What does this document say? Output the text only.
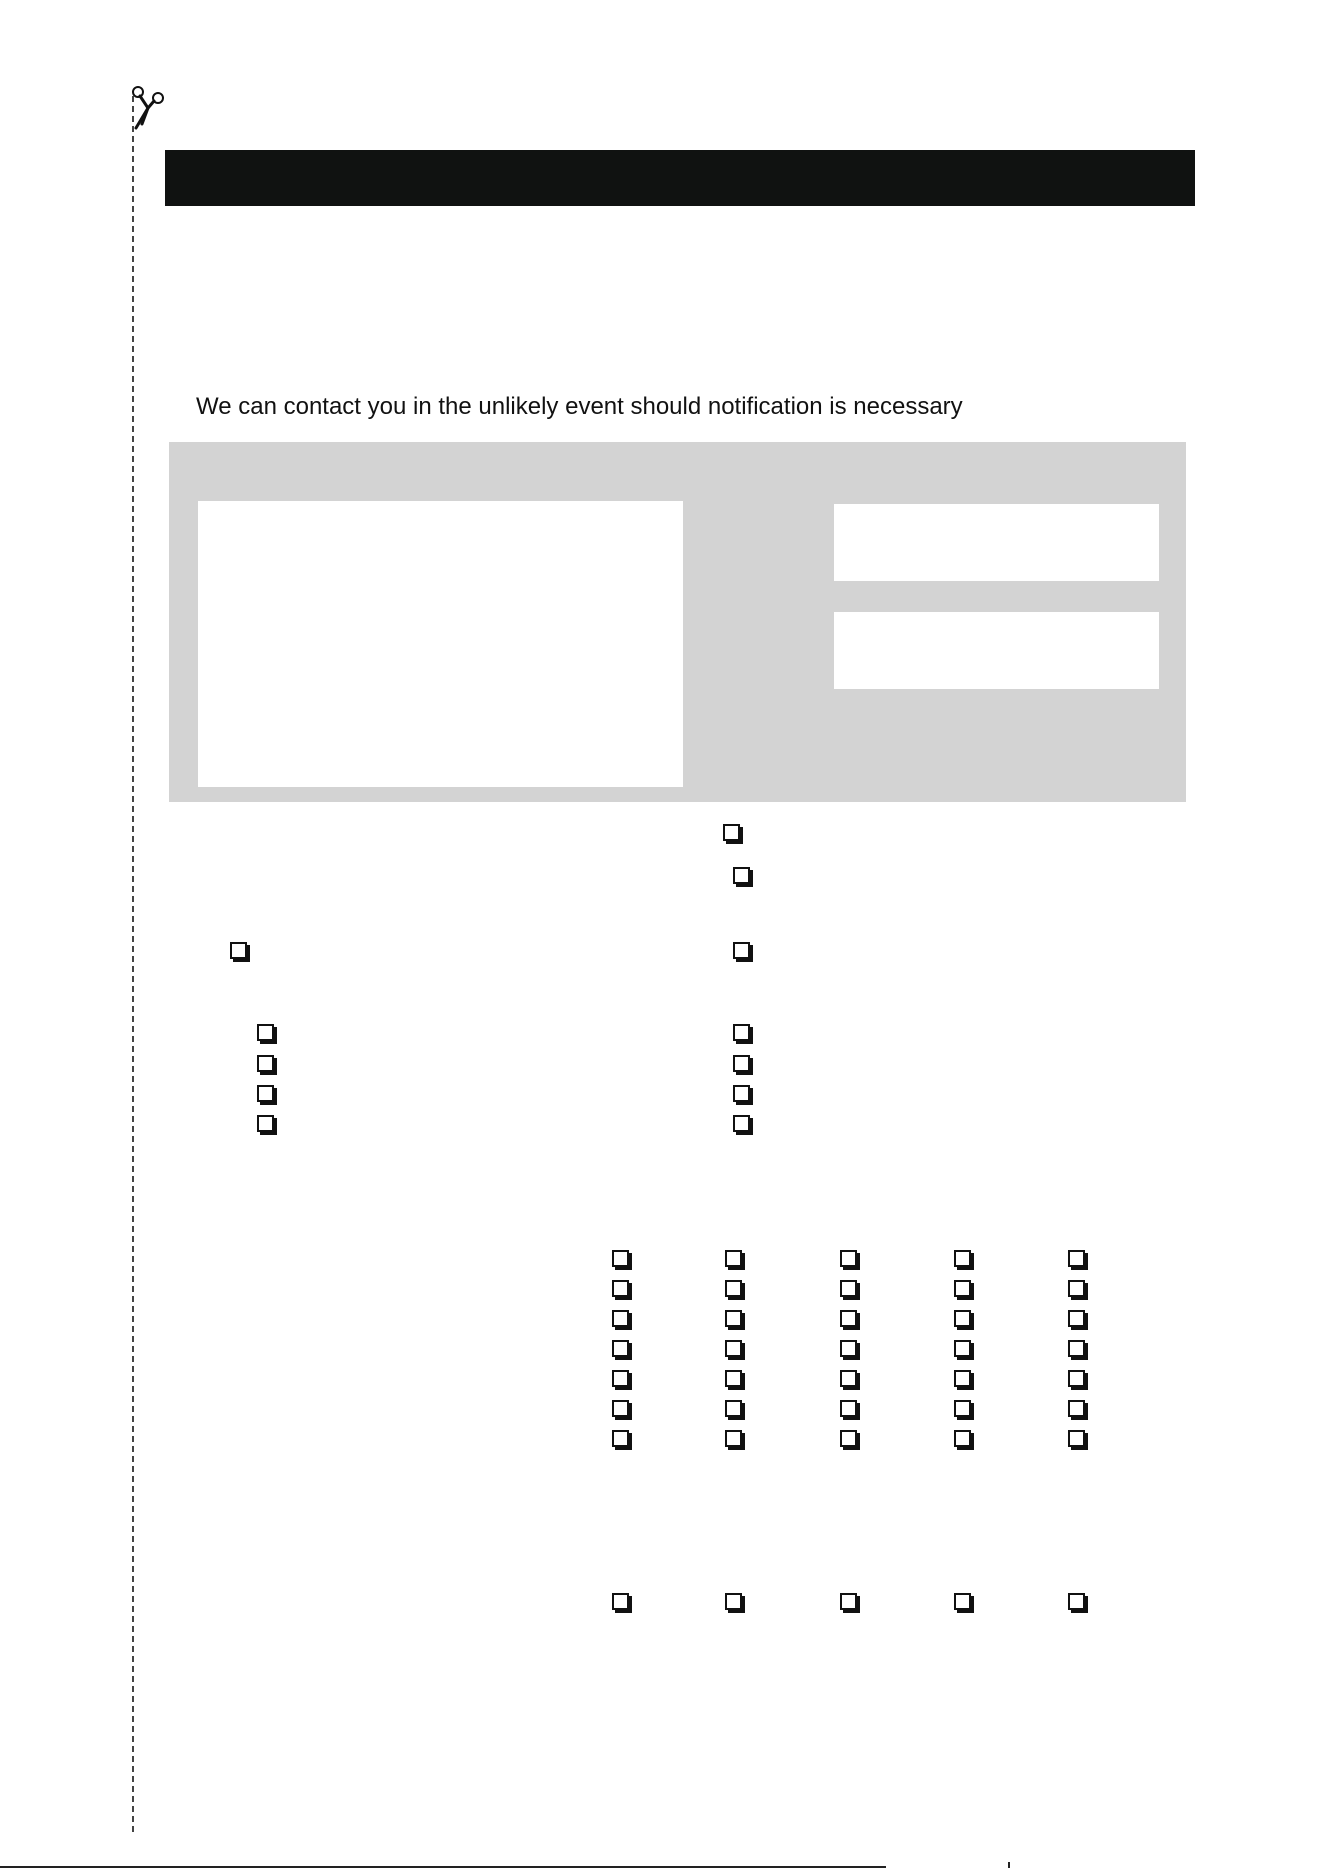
We can contact you in the unlikely event should notification is necessary
